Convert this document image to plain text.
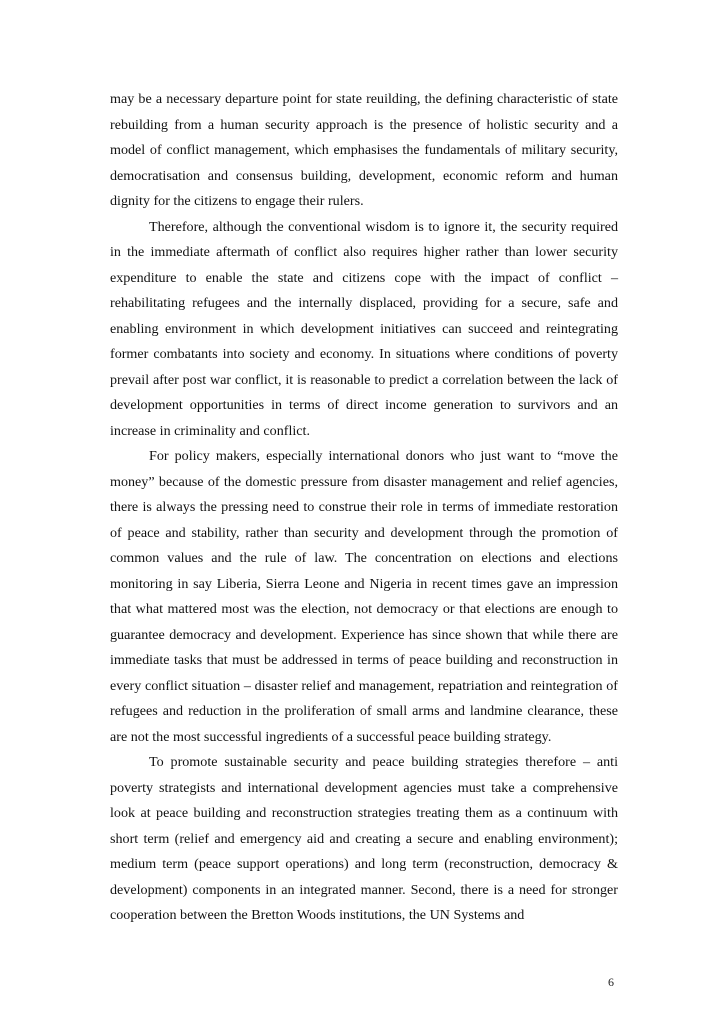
may be a necessary departure point for state reuilding, the defining characteristic of state rebuilding from a human security approach is the presence of holistic security and a model of conflict management, which emphasises the fundamentals of military security, democratisation and consensus building, development, economic reform and human dignity for the citizens to engage their rulers.

Therefore, although the conventional wisdom is to ignore it, the security required in the immediate aftermath of conflict also requires higher rather than lower security expenditure to enable the state and citizens cope with the impact of conflict – rehabilitating refugees and the internally displaced, providing for a secure, safe and enabling environment in which development initiatives can succeed and reintegrating former combatants into society and economy. In situations where conditions of poverty prevail after post war conflict, it is reasonable to predict a correlation between the lack of development opportunities in terms of direct income generation to survivors and an increase in criminality and conflict.

For policy makers, especially international donors who just want to “move the money” because of the domestic pressure from disaster management and relief agencies, there is always the pressing need to construe their role in terms of immediate restoration of peace and stability, rather than security and development through the promotion of common values and the rule of law. The concentration on elections and elections monitoring in say Liberia, Sierra Leone and Nigeria in recent times gave an impression that what mattered most was the election, not democracy or that elections are enough to guarantee democracy and development. Experience has since shown that while there are immediate tasks that must be addressed in terms of peace building and reconstruction in every conflict situation – disaster relief and management, repatriation and reintegration of refugees and reduction in the proliferation of small arms and landmine clearance, these are not the most successful ingredients of a successful peace building strategy.

To promote sustainable security and peace building strategies therefore – anti poverty strategists and international development agencies must take a comprehensive look at peace building and reconstruction strategies treating them as a continuum with short term (relief and emergency aid and creating a secure and enabling environment); medium term (peace support operations) and long term (reconstruction, democracy & development) components in an integrated manner. Second, there is a need for stronger cooperation between the Bretton Woods institutions, the UN Systems and

6
